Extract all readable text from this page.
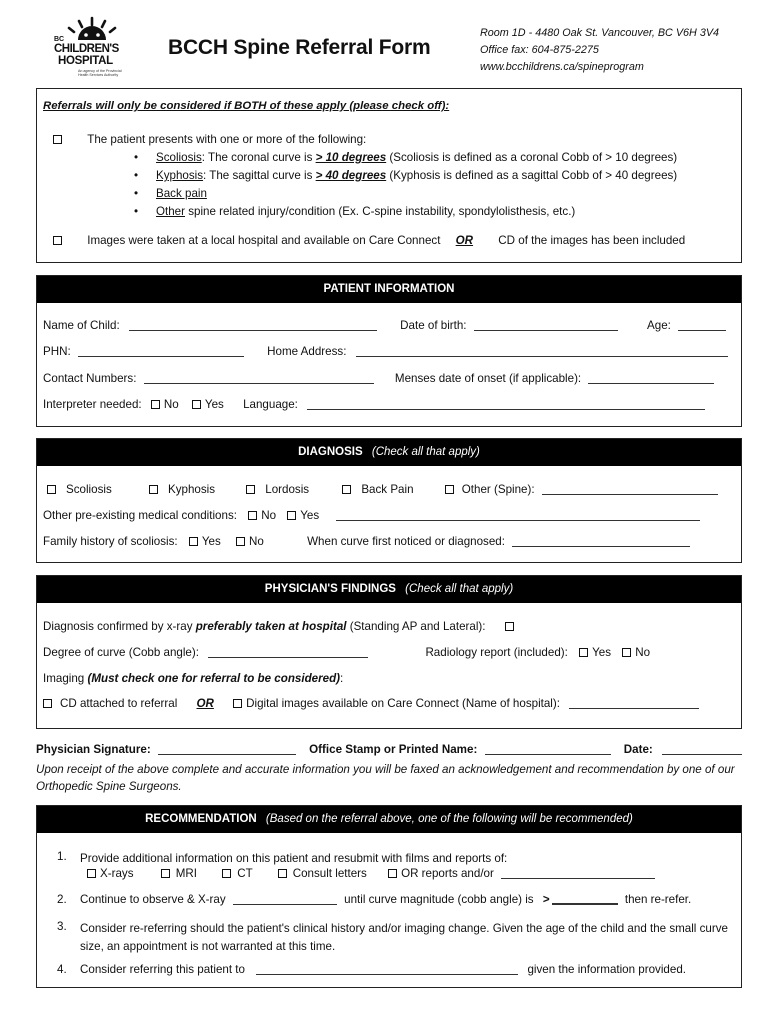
BC
CHILDREN'S
HOSPITAL
An agency of the Provincial Health Services Authority
BCCH Spine Referral Form
Room 1D - 4480 Oak St. Vancouver, BC V6H 3V4
Office fax: 604-875-2275
www.bcchildrens.ca/spineprogram
Referrals will only be considered if BOTH of these apply (please check off):
The patient presents with one or more of the following:
• Scoliosis: The coronal curve is > 10 degrees (Scoliosis is defined as a coronal Cobb of > 10 degrees)
• Kyphosis: The sagittal curve is > 40 degrees (Kyphosis is defined as a sagittal Cobb of > 40 degrees)
• Back pain
• Other spine related injury/condition (Ex. C-spine instability, spondylolisthesis, etc.)
Images were taken at a local hospital and available on Care Connect OR CD of the images has been included
PATIENT INFORMATION
Name of Child:	Date of birth:	Age:
PHN:	Home Address:
Contact Numbers:	Menses date of onset (if applicable):
Interpreter needed: No Yes Language:
DIAGNOSIS (Check all that apply)
Scoliosis	Kyphosis	Lordosis	Back Pain	Other (Spine):
Other pre-existing medical conditions: No Yes
Family history of scoliosis: Yes No	When curve first noticed or diagnosed:
PHYSICIAN'S FINDINGS (Check all that apply)
Diagnosis confirmed by x-ray preferably taken at hospital (Standing AP and Lateral):
Degree of curve (Cobb angle):	Radiology report (included): Yes No
Imaging (Must check one for referral to be considered):
CD attached to referral OR	Digital images available on Care Connect (Name of hospital):
Physician Signature:	Office Stamp or Printed Name:	Date:
Upon receipt of the above complete and accurate information you will be faxed an acknowledgement and recommendation by one of our Orthopedic Spine Surgeons.
RECOMMENDATION (Based on the referral above, one of the following will be recommended)
1. Provide additional information on this patient and resubmit with films and reports of:
X-rays	MRI	CT	Consult letters	OR reports and/or
2. Continue to observe & X-ray	until curve magnitude (cobb angle) is >	then re-refer.
3. Consider re-referring should the patient's clinical history and/or imaging change. Given the age of the child and the small curve size, an appointment is not warranted at this time.
4. Consider referring this patient to	given the information provided.
